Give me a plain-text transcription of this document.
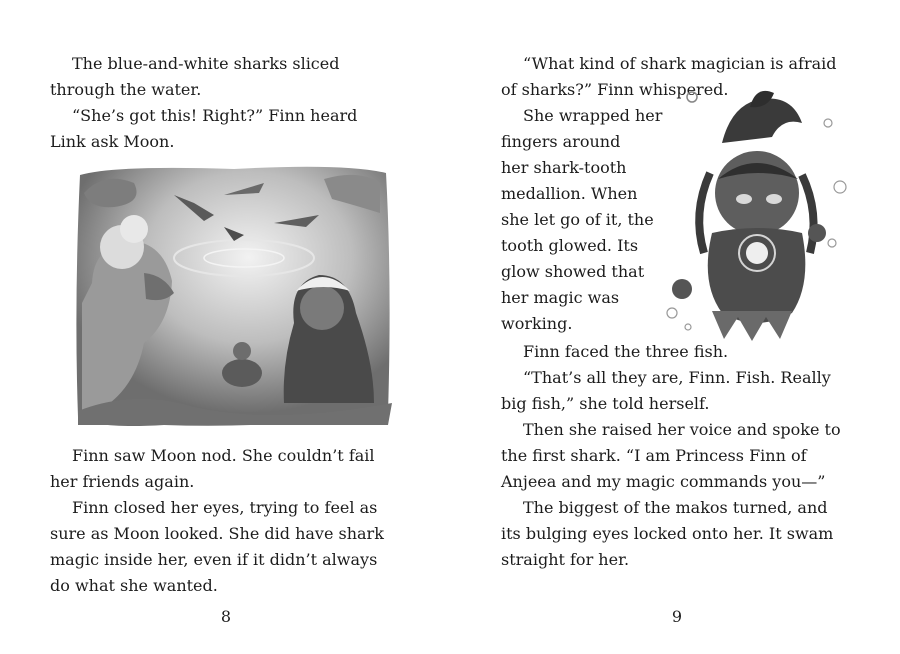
The blue-and-white sharks sliced through the water.

“She’s got this! Right?” Finn heard Link ask Moon.

Finn saw Moon nod. She couldn’t fail her friends again.

Finn closed her eyes, trying to feel as sure as Moon looked. She did have shark magic inside her, even if it didn’t always do what she wanted.

8

“What kind of shark magician is afraid of sharks?” Finn whispered.

She wrapped her
fingers around
her shark-tooth
medallion. When
she let go of it, the
tooth glowed. Its
glow showed that
her magic was
working.

Finn faced the three fish.

“That’s all they are, Finn. Fish. Really big fish,” she told herself.

Then she raised her voice and spoke to the first shark. “I am Princess Finn of Anjeea and my magic commands you—”

The biggest of the makos turned, and its bulging eyes locked onto her. It swam straight for her.

9
